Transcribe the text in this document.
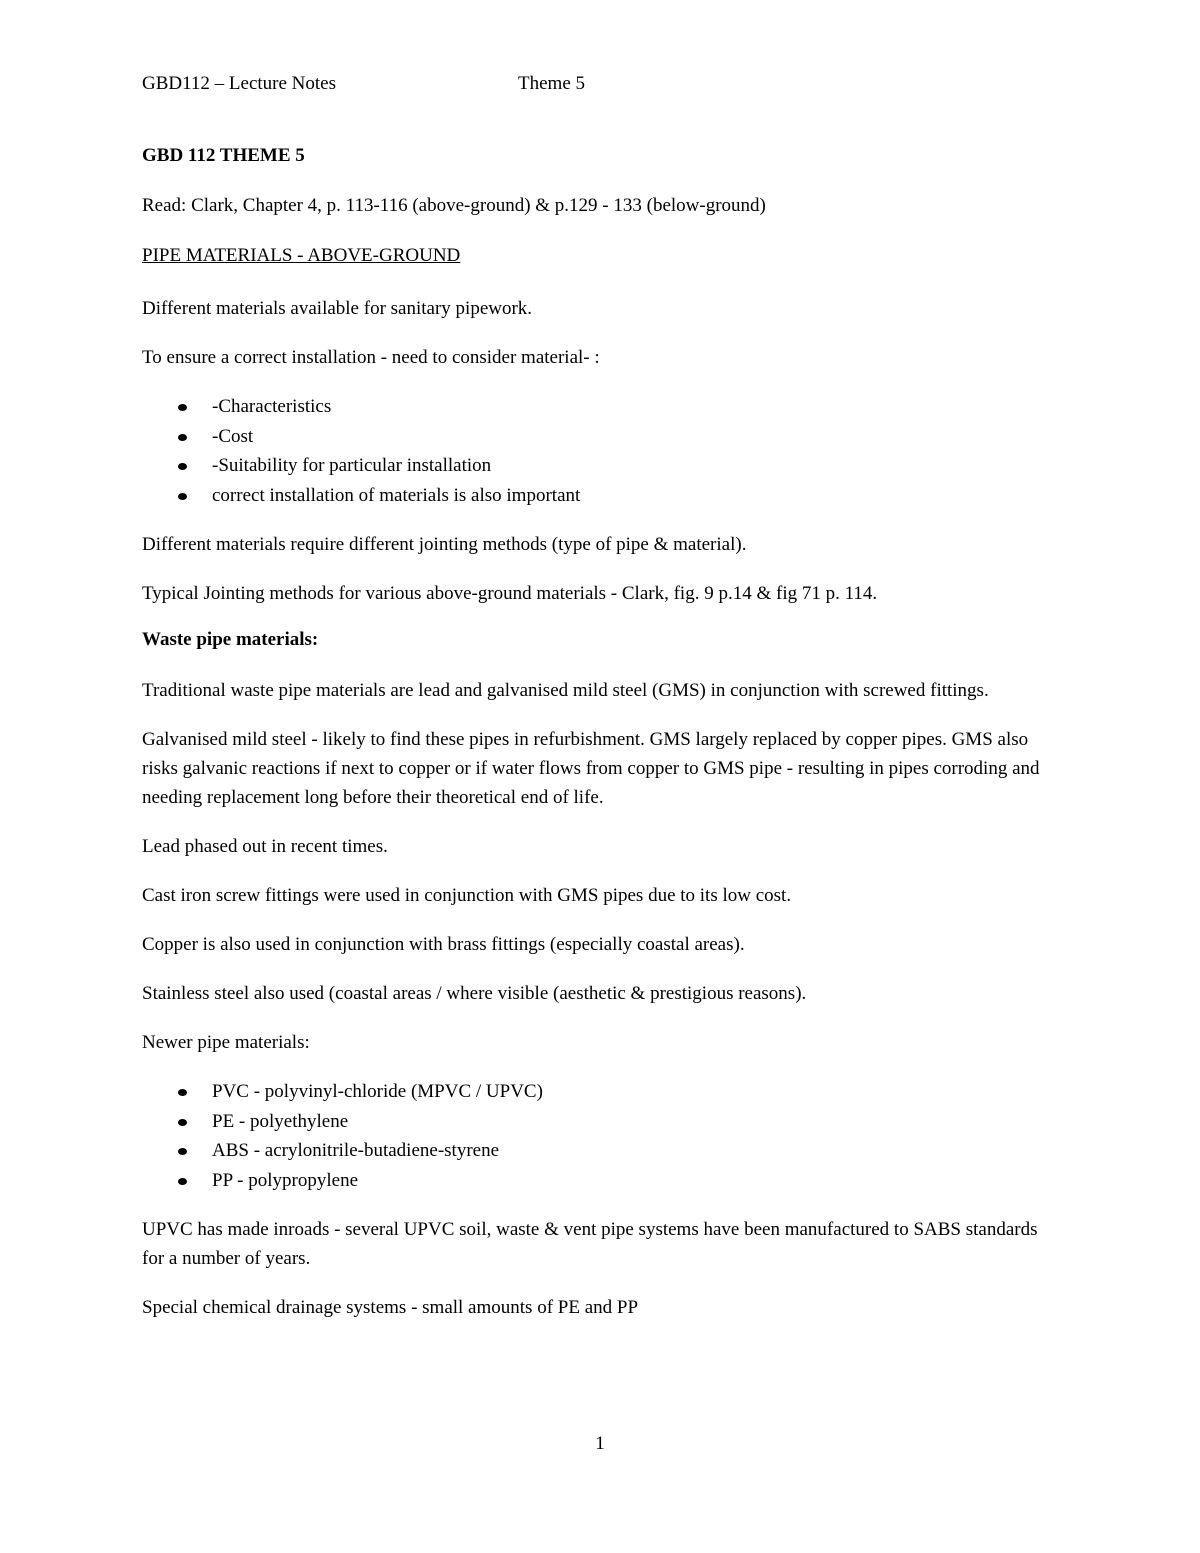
GBD112 – Lecture Notes	Theme 5

GBD 112 THEME 5

Read: Clark, Chapter 4, p. 113-116 (above-ground) & p.129 - 133 (below-ground)

PIPE MATERIALS - ABOVE-GROUND

Different materials available for sanitary pipework.

To ensure a correct installation - need to consider material- :

-Characteristics
-Cost
-Suitability for particular installation
correct installation of materials is also important

Different materials require different jointing methods (type of pipe & material).

Typical Jointing methods for various above-ground materials - Clark, fig. 9 p.14 & fig 71 p. 114.

Waste pipe materials:

Traditional waste pipe materials are lead and galvanised mild steel (GMS) in conjunction with screwed fittings.

Galvanised mild steel - likely to find these pipes in refurbishment. GMS largely replaced by copper pipes. GMS also risks galvanic reactions if next to copper or if water flows from copper to GMS pipe - resulting in pipes corroding and needing replacement long before their theoretical end of life.

Lead phased out in recent times.

Cast iron screw fittings were used in conjunction with GMS pipes due to its low cost.

Copper is also used in conjunction with brass fittings (especially coastal areas).

Stainless steel also used (coastal areas / where visible (aesthetic & prestigious reasons).

Newer pipe materials:

PVC - polyvinyl-chloride (MPVC / UPVC)
PE - polyethylene
ABS - acrylonitrile-butadiene-styrene
PP - polypropylene

UPVC has made inroads - several UPVC soil, waste & vent pipe systems have been manufactured to SABS standards for a number of years.

Special chemical drainage systems - small amounts of PE and PP

1
